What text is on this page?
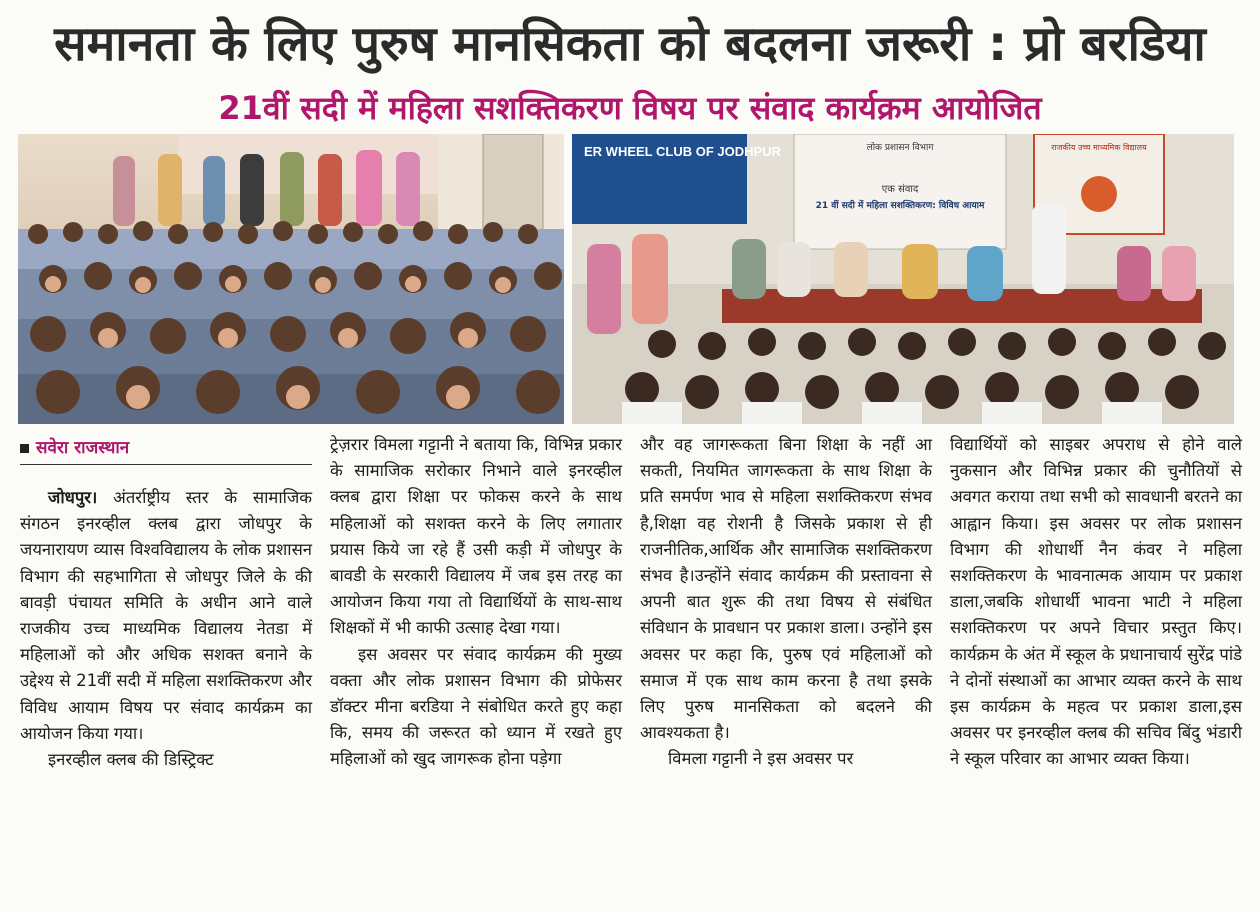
समानता के लिए पुरुष मानसिकता को बदलना जरूरी : प्रो बरडिया
21वीं सदी में महिला सशक्तिकरण विषय पर संवाद कार्यक्रम आयोजित
ER WHEEL CLUB OF JODHPUR	लोक प्रशासन विभाग
एक संवाद
21 वीं सदी में महिला सशक्तिकरण: विविध आयाम
राजकीय उच्च माध्यमिक विद्यालय
सवेरा राजस्थान

जोधपुर। अंतर्राष्ट्रीय स्तर के सामाजिक संगठन इनरव्हील क्लब द्वारा जोधपुर के जयनारायण व्यास विश्वविद्यालय के लोक प्रशासन विभाग की सहभागिता से जोधपुर जिले के की बावड़ी पंचायत समिति के अधीन आने वाले राजकीय उच्च माध्यमिक विद्यालय नेतडा में महिलाओं को और अधिक सशक्त बनाने के उद्देश्य से 21वीं सदी में महिला सशक्तिकरण और विविध आयाम विषय पर संवाद कार्यक्रम का आयोजन किया गया।

इनरव्हील क्लब की डिस्ट्रिक्ट

ट्रेज़रार विमला गट्टानी ने बताया कि, विभिन्न प्रकार के सामाजिक सरोकार निभाने वाले इनरव्हील क्लब द्वारा शिक्षा पर फोकस करने के साथ महिलाओं को सशक्त करने के लिए लगातार प्रयास किये जा रहे हैं उसी कड़ी में जोधपुर के बावडी के सरकारी विद्यालय में जब इस तरह का आयोजन किया गया तो विद्यार्थियों के साथ-साथ शिक्षकों में भी काफी उत्साह देखा गया।

इस अवसर पर संवाद कार्यक्रम की मुख्य वक्ता और लोक प्रशासन विभाग की प्रोफेसर डॉक्टर मीना बरडिया ने संबोधित करते हुए कहा कि, समय की जरूरत को ध्यान में रखते हुए महिलाओं को खुद जागरूक होना पड़ेगा

और वह जागरूकता बिना शिक्षा के नहीं आ सकती, नियमित जागरूकता के साथ शिक्षा के प्रति समर्पण भाव से महिला सशक्तिकरण संभव है,शिक्षा वह रोशनी है जिसके प्रकाश से ही राजनीतिक,आर्थिक और सामाजिक सशक्तिकरण संभव है।उन्होंने संवाद कार्यक्रम की प्रस्तावना से अपनी बात शुरू की तथा विषय से संबंधित संविधान के प्रावधान पर प्रकाश डाला। उन्होंने इस अवसर पर कहा कि, पुरुष एवं महिलाओं को समाज में एक साथ काम करना है तथा इसके लिए पुरुष मानसिकता को बदलने की आवश्यकता है।

विमला गट्टानी ने इस अवसर पर

विद्यार्थियों को साइबर अपराध से होने वाले नुकसान और विभिन्न प्रकार की चुनौतियों से अवगत कराया तथा सभी को सावधानी बरतने का आह्वान किया। इस अवसर पर लोक प्रशासन विभाग की शोधार्थी नैन कंवर ने महिला सशक्तिकरण के भावनात्मक आयाम पर प्रकाश डाला,जबकि शोधार्थी भावना भाटी ने महिला सशक्तिकरण पर अपने विचार प्रस्तुत किए। कार्यक्रम के अंत में स्कूल के प्रधानाचार्य सुरेंद्र पांडे ने दोनों संस्थाओं का आभार व्यक्त करने के साथ इस कार्यक्रम के महत्व पर प्रकाश डाला,इस अवसर पर इनरव्हील क्लब की सचिव बिंदु भंडारी ने स्कूल परिवार का आभार व्यक्त किया।
